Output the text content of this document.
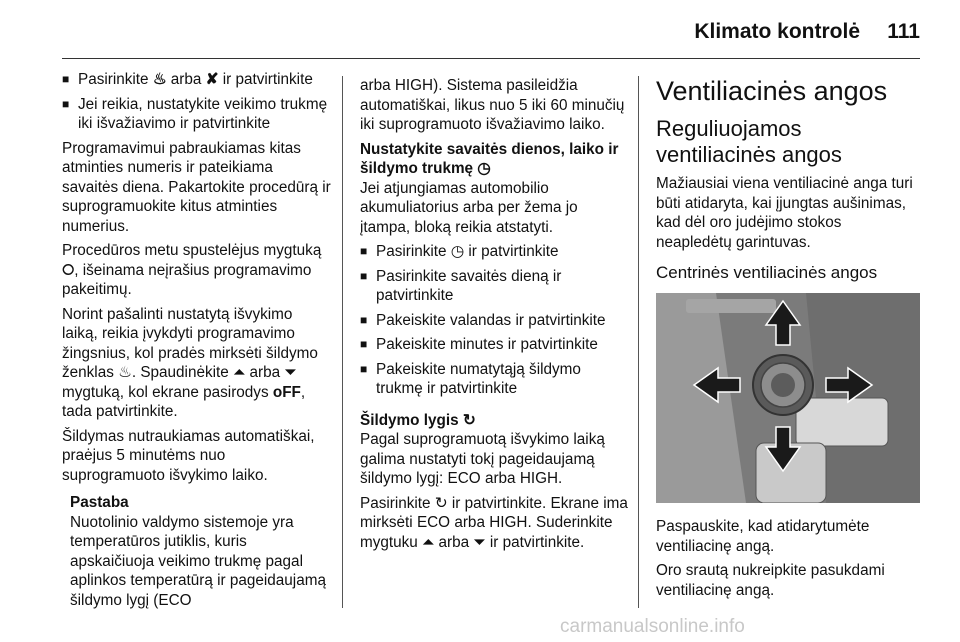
Klimato kontrolė 111
■ Pasirinkite ♨ arba ✘ ir patvirtinkite
■ Jei reikia, nustatykite veikimo trukmę iki išvažiavimo ir patvirtinkite

Programavimui pabraukiamas kitas atminties numeris ir pateikiama savaitės diena. Pakartokite procedūrą ir suprogramuokite kitus atminties numerius.

Procedūros metu spustelėjus mygtuką ⭘, išeinama neįrašius programavimo pakeitimų.

Norint pašalinti nustatytą išvykimo laiką, reikia įvykdyti programavimo žingsnius, kol pradės mirksėti šildymo ženklas ♨. Spaudinėkite ⏶ arba ⏷ mygtuką, kol ekrane pasirodys oFF, tada patvirtinkite.

Šildymas nutraukiamas automatiškai, praėjus 5 minutėms nuo suprogramuoto išvykimo laiko.

Pastaba
Nuotolinio valdymo sistemoje yra temperatūros jutiklis, kuris apskaičiuoja veikimo trukmę pagal aplinkos temperatūrą ir pageidaujamą šildymo lygį (ECO

arba HIGH). Sistema pasileidžia automatiškai, likus nuo 5 iki 60 minučių iki suprogramuoto išvažiavimo laiko.

Nustatykite savaitės dienos, laiko ir šildymo trukmę ◷

Jei atjungiamas automobilio akumuliatorius arba per žema jo įtampa, bloką reikia atstatyti.

■ Pasirinkite ◷ ir patvirtinkite
■ Pasirinkite savaitės dieną ir patvirtinkite
■ Pakeiskite valandas ir patvirtinkite
■ Pakeiskite minutes ir patvirtinkite
■ Pakeiskite numatytąją šildymo trukmę ir patvirtinkite
Šildymo lygis ↻

Pagal suprogramuotą išvykimo laiką galima nustatyti tokį pageidaujamą šildymo lygį: ECO arba HIGH.

Pasirinkite ↻ ir patvirtinkite. Ekrane ima mirksėti ECO arba HIGH. Suderinkite mygtuku ⏶ arba ⏷ ir patvirtinkite.

Ventiliacinės angos
Reguliuojamos ventiliacinės angos

Mažiausiai viena ventiliacinė anga turi būti atidaryta, kai įjungtas aušinimas, kad dėl oro judėjimo stokos neapledėtų garintuvas.

Centrinės ventiliacinės angos

Paspauskite, kad atidarytumėte ventiliacinę angą.

Oro srautą nukreipkite pasukdami ventiliacinę angą.

carmanualsonline.info
